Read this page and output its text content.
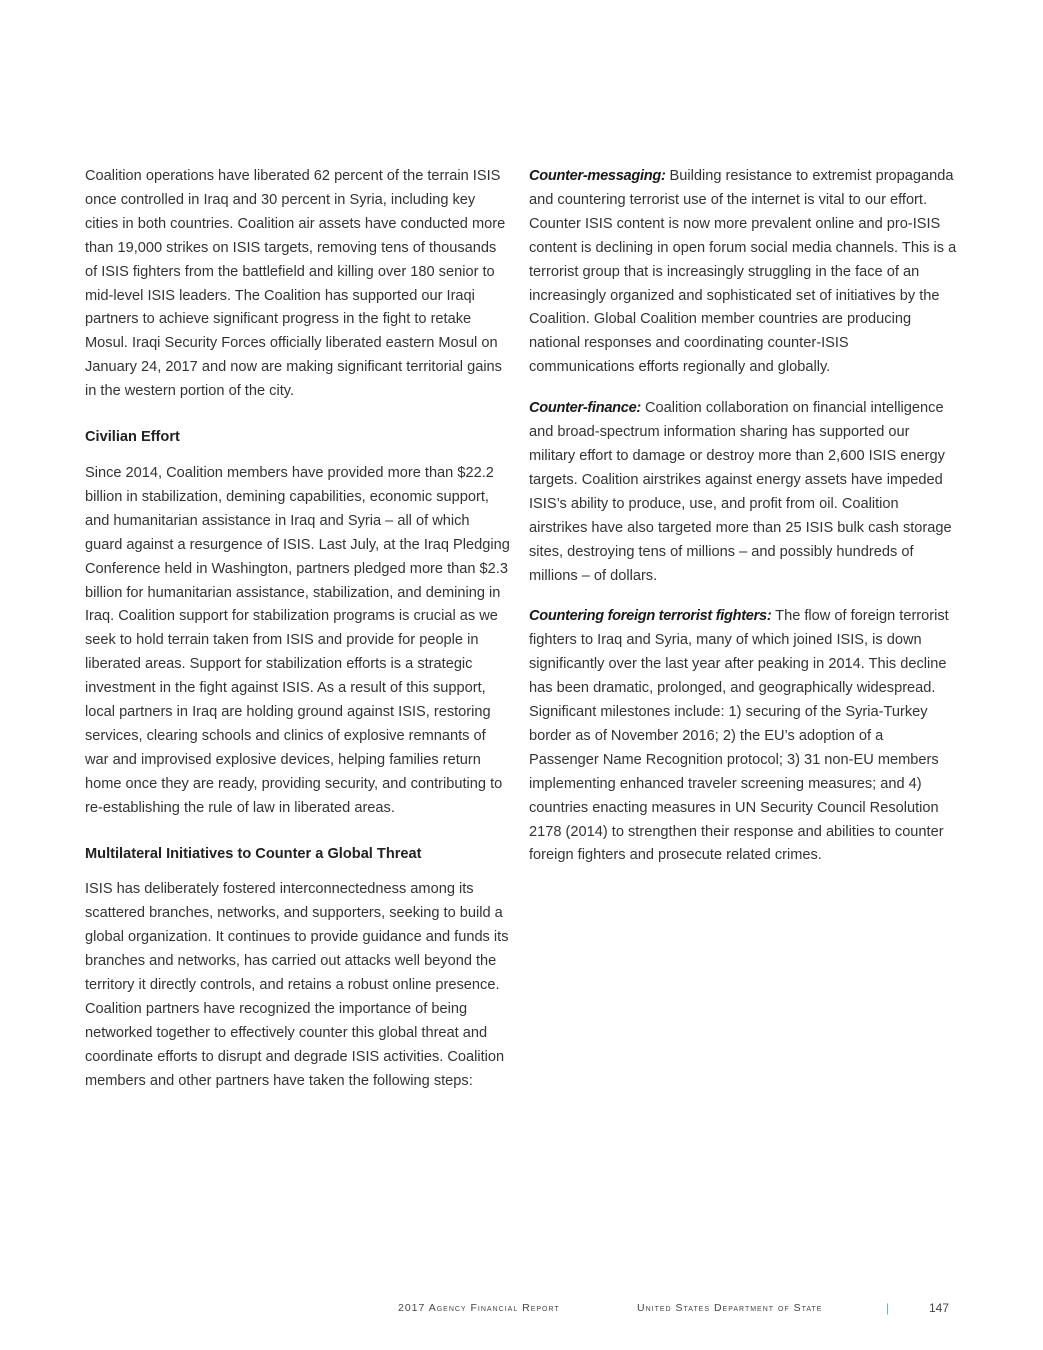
Coalition operations have liberated 62 percent of the terrain ISIS once controlled in Iraq and 30 percent in Syria, including key cities in both countries. Coalition air assets have conducted more than 19,000 strikes on ISIS targets, removing tens of thousands of ISIS fighters from the battlefield and killing over 180 senior to mid-level ISIS leaders. The Coalition has supported our Iraqi partners to achieve significant progress in the fight to retake Mosul. Iraqi Security Forces officially liberated eastern Mosul on January 24, 2017 and now are making significant territorial gains in the western portion of the city.

Civilian Effort

Since 2014, Coalition members have provided more than $22.2 billion in stabilization, demining capabilities, economic support, and humanitarian assistance in Iraq and Syria – all of which guard against a resurgence of ISIS. Last July, at the Iraq Pledging Conference held in Washington, partners pledged more than $2.3 billion for humanitarian assistance, stabilization, and demining in Iraq. Coalition support for stabilization programs is crucial as we seek to hold terrain taken from ISIS and provide for people in liberated areas. Support for stabilization efforts is a strategic investment in the fight against ISIS. As a result of this support, local partners in Iraq are holding ground against ISIS, restoring services, clearing schools and clinics of explosive remnants of war and improvised explosive devices, helping families return home once they are ready, providing security, and contributing to re-establishing the rule of law in liberated areas.

Multilateral Initiatives to Counter a Global Threat

ISIS has deliberately fostered interconnectedness among its scattered branches, networks, and supporters, seeking to build a global organization. It continues to provide guidance and funds its branches and networks, has carried out attacks well beyond the territory it directly controls, and retains a robust online presence. Coalition partners have recognized the importance of being networked together to effectively counter this global threat and coordinate efforts to disrupt and degrade ISIS activities. Coalition members and other partners have taken the following steps:

Counter-messaging: Building resistance to extremist propaganda and countering terrorist use of the internet is vital to our effort. Counter ISIS content is now more prevalent online and pro-ISIS content is declining in open forum social media channels. This is a terrorist group that is increasingly struggling in the face of an increasingly organized and sophisticated set of initiatives by the Coalition. Global Coalition member countries are producing national responses and coordinating counter-ISIS communications efforts regionally and globally.

Counter-finance: Coalition collaboration on financial intelligence and broad-spectrum information sharing has supported our military effort to damage or destroy more than 2,600 ISIS energy targets. Coalition airstrikes against energy assets have impeded ISIS’s ability to produce, use, and profit from oil. Coalition airstrikes have also targeted more than 25 ISIS bulk cash storage sites, destroying tens of millions – and possibly hundreds of millions – of dollars.

Countering foreign terrorist fighters: The flow of foreign terrorist fighters to Iraq and Syria, many of which joined ISIS, is down significantly over the last year after peaking in 2014. This decline has been dramatic, prolonged, and geographically widespread. Significant milestones include: 1) securing of the Syria-Turkey border as of November 2016; 2) the EU’s adoption of a Passenger Name Recognition protocol; 3) 31 non-EU members implementing enhanced traveler screening measures; and 4) countries enacting measures in UN Security Council Resolution 2178 (2014) to strengthen their response and abilities to counter foreign fighters and prosecute related crimes.

2017 Agency Financial Report	United States Department of State	|	147
